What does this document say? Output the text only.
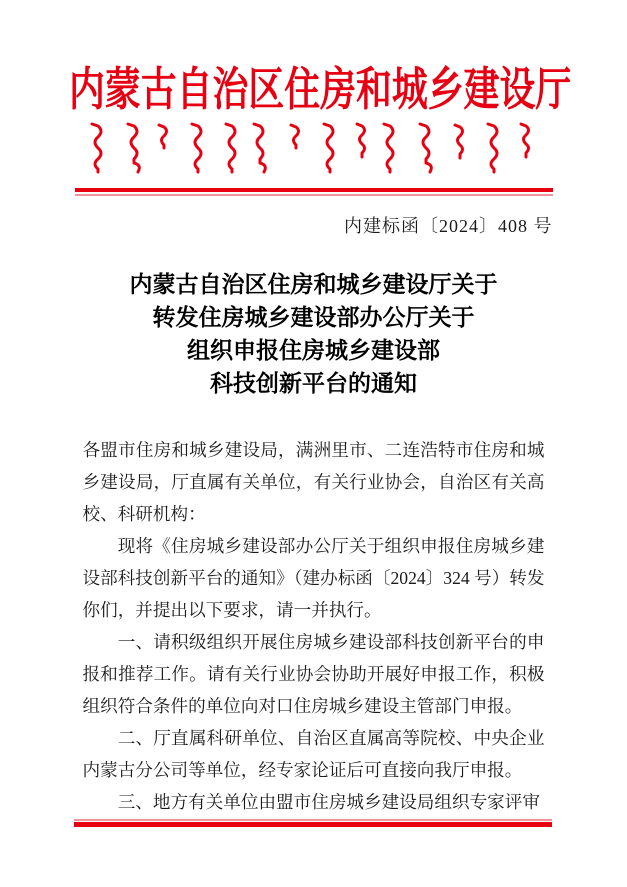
内蒙古自治区住房和城乡建设厅
内建标函〔2024〕408 号
内蒙古自治区住房和城乡建设厅关于
转发住房城乡建设部办公厅关于
组织申报住房城乡建设部
科技创新平台的通知

各盟市住房和城乡建设局，满洲里市、二连浩特市住房和城乡建设局，厅直属有关单位，有关行业协会，自治区有关高校、科研机构：

现将《住房城乡建设部办公厅关于组织申报住房城乡建设部科技创新平台的通知》（建办标函〔2024〕324 号）转发你们，并提出以下要求，请一并执行。

一、请积级组织开展住房城乡建设部科技创新平台的申报和推荐工作。请有关行业协会协助开展好申报工作，积极组织符合条件的单位向对口住房城乡建设主管部门申报。

二、厅直属科研单位、自治区直属高等院校、中央企业内蒙古分公司等单位，经专家论证后可直接向我厅申报。

三、地方有关单位由盟市住房城乡建设局组织专家评审
